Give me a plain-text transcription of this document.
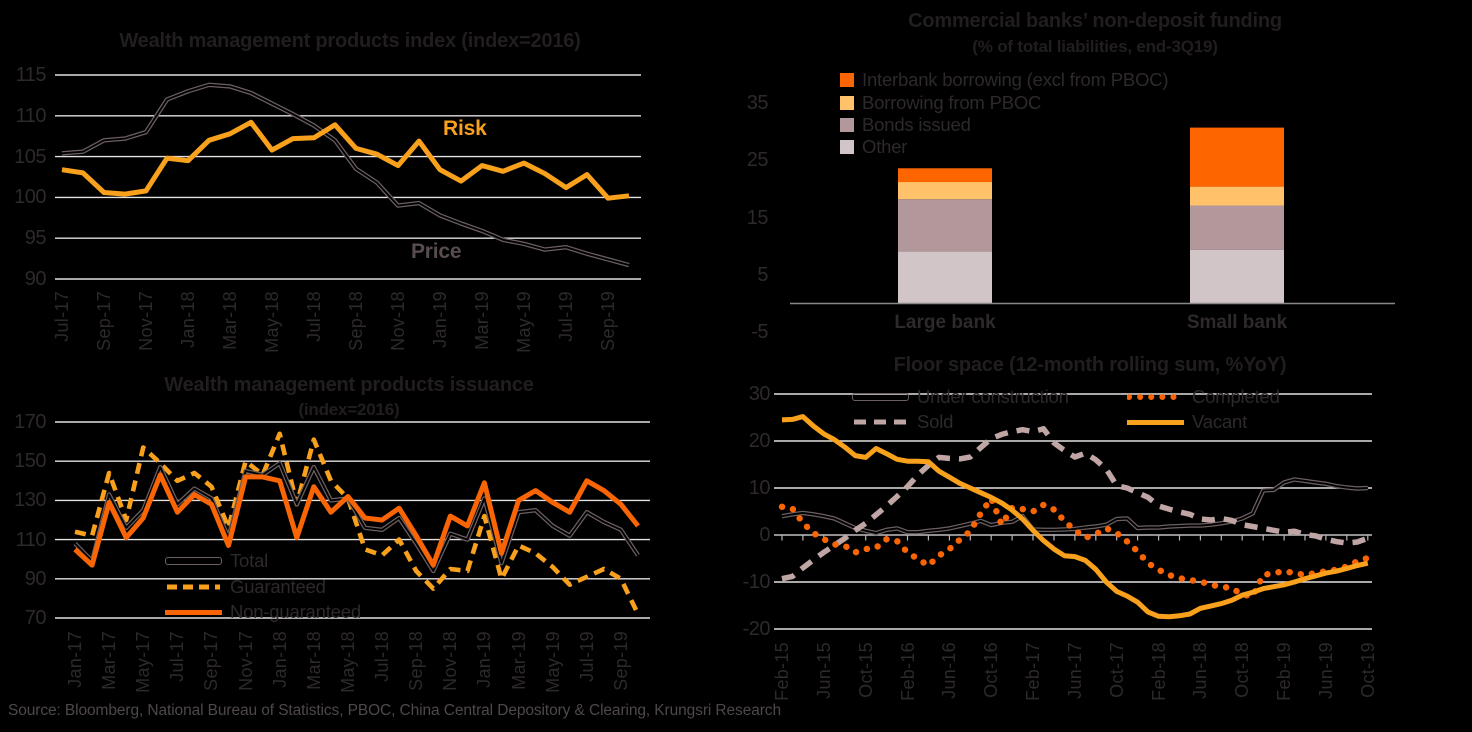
Wealth management products index (index=2016)
Commercial banks’ non-deposit funding
(% of total liabilities, end-3Q19)
Wealth management products issuance
(index=2016)
Floor space (12-month rolling sum, %YoY)
Risk
Price
Interbank borrowing (excl from PBOC)
Borrowing from PBOC
Bonds issued
Other
Total
Guaranteed
Non-guaranteed
Under construction	Completed
Sold	Vacant
115
110
105
100
95
90
Jul-17 Sep-17 Nov-17 Jan-18 Mar-18 May-18 Jul-18 Sep-18 Nov-18 Jan-19 Mar-19 May-19 Jul-19 Sep-19
170
150
130
110
90
70
Jan-17 Mar-17 May-17 Jul-17 Sep-17 Nov-17 Jan-18 Mar-18 May-18 Jul-18 Sep-18 Nov-18 Jan-19 Mar-19 May-19 Jul-19 Sep-19
30
20
10
0
-10
-20
Feb-15 Jun-15 Oct-15 Feb-16 Jun-16 Oct-16 Feb-17 Jun-17 Oct-17 Feb-18 Jun-18 Oct-18 Feb-19 Jun-19 Oct-19
35
25
15
5
-5	Large bank	Small bank
Source: Bloomberg, National Bureau of Statistics, PBOC, China Central Depository & Clearing, Krungsri Research
